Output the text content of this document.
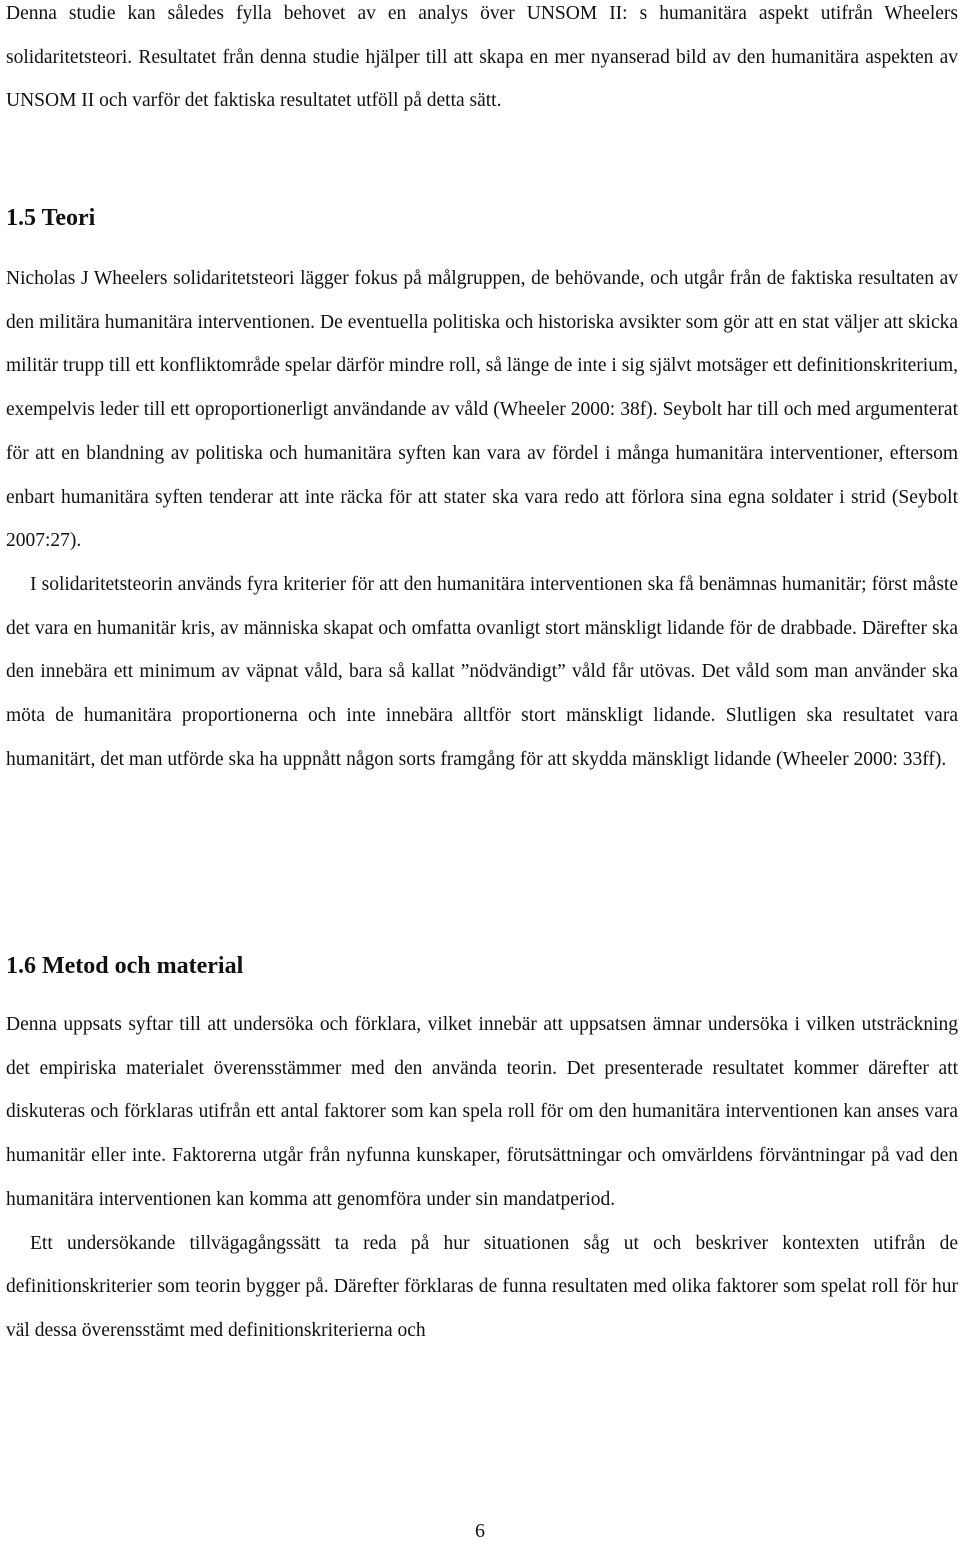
Denna studie kan således fylla behovet av en analys över UNSOM II: s humanitära aspekt utifrån Wheelers solidaritetsteori. Resultatet från denna studie hjälper till att skapa en mer nyanserad bild av den humanitära aspekten av UNSOM II och varför det faktiska resultatet utföll på detta sätt.

1.5 Teori

Nicholas J Wheelers solidaritetsteori lägger fokus på målgruppen, de behövande, och utgår från de faktiska resultaten av den militära humanitära interventionen. De eventuella politiska och historiska avsikter som gör att en stat väljer att skicka militär trupp till ett konfliktområde spelar därför mindre roll, så länge de inte i sig självt motsäger ett definitionskriterium, exempelvis leder till ett oproportionerligt användande av våld (Wheeler 2000: 38f). Seybolt har till och med argumenterat för att en blandning av politiska och humanitära syften kan vara av fördel i många humanitära interventioner, eftersom enbart humanitära syften tenderar att inte räcka för att stater ska vara redo att förlora sina egna soldater i strid (Seybolt 2007:27).

I solidaritetsteorin används fyra kriterier för att den humanitära interventionen ska få benämnas humanitär; först måste det vara en humanitär kris, av människa skapat och omfatta ovanligt stort mänskligt lidande för de drabbade. Därefter ska den innebära ett minimum av väpnat våld, bara så kallat ”nödvändigt” våld får utövas. Det våld som man använder ska möta de humanitära proportionerna och inte innebära alltför stort mänskligt lidande. Slutligen ska resultatet vara humanitärt, det man utförde ska ha uppnått någon sorts framgång för att skydda mänskligt lidande (Wheeler 2000: 33ff).

1.6 Metod och material

Denna uppsats syftar till att undersöka och förklara, vilket innebär att uppsatsen ämnar undersöka i vilken utsträckning det empiriska materialet överensstämmer med den använda teorin. Det presenterade resultatet kommer därefter att diskuteras och förklaras utifrån ett antal faktorer som kan spela roll för om den humanitära interventionen kan anses vara humanitär eller inte. Faktorerna utgår från nyfunna kunskaper, förutsättningar och omvärldens förväntningar på vad den humanitära interventionen kan komma att genomföra under sin mandatperiod.

Ett undersökande tillvägagångssätt ta reda på hur situationen såg ut och beskriver kontexten utifrån de definitionskriterier som teorin bygger på. Därefter förklaras de funna resultaten med olika faktorer som spelat roll för hur väl dessa överensstämt med definitionskriterierna och

6
